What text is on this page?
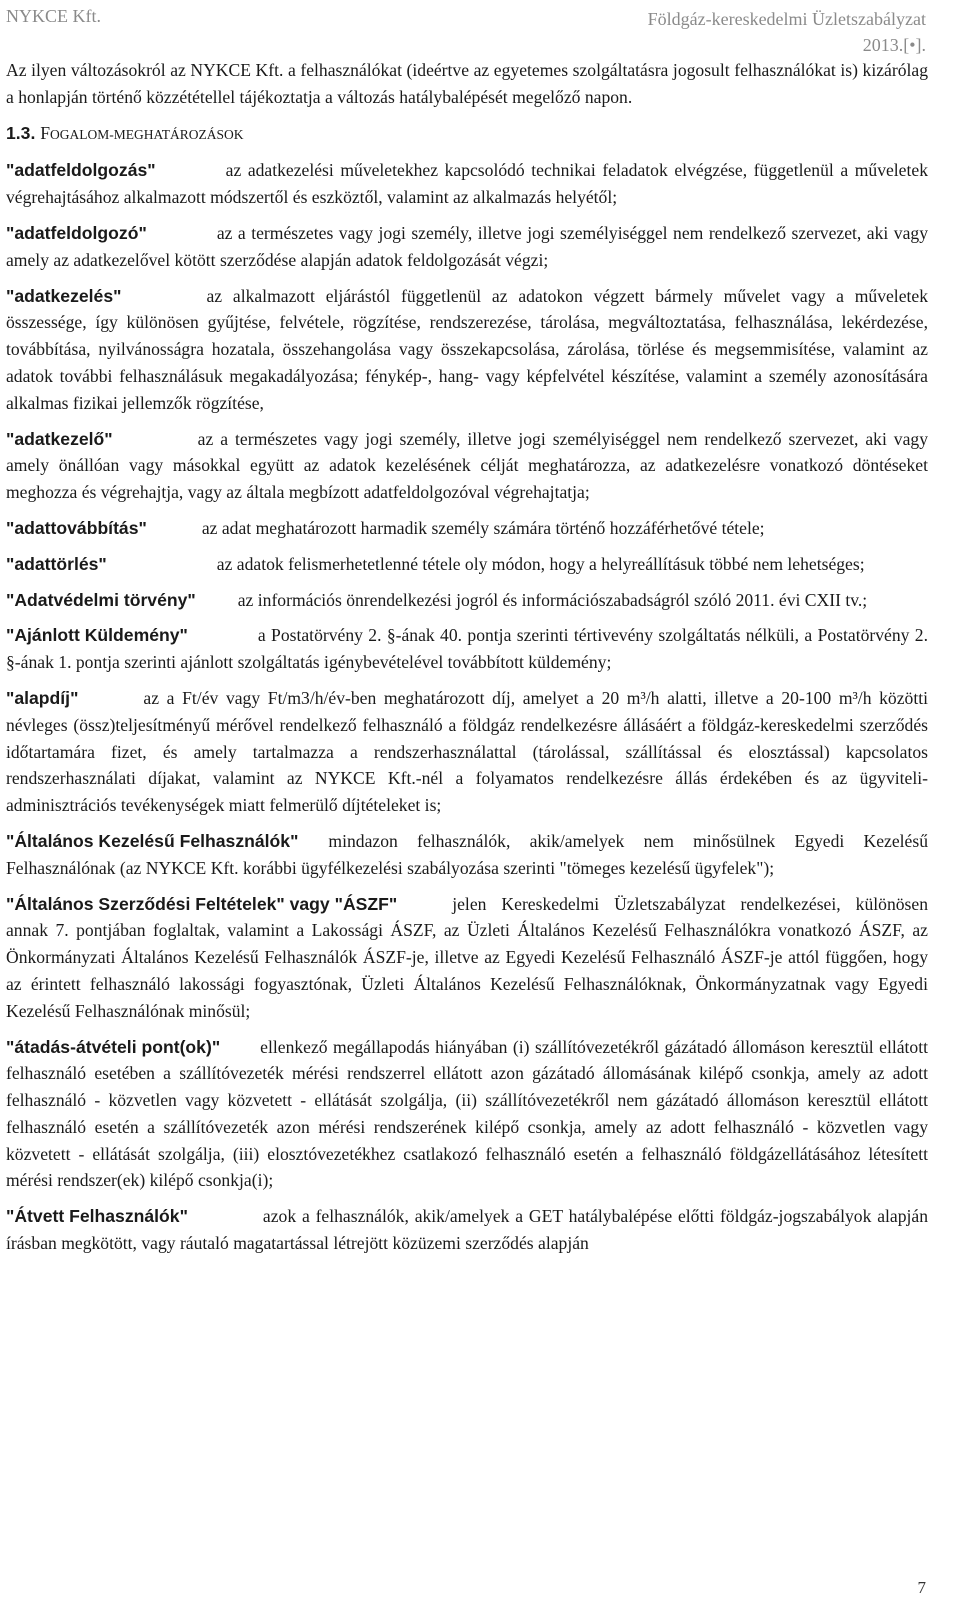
NYKCE Kft.	Földgáz-kereskedelmi Üzletszabályzat
2013.[•].

Az ilyen változásokról az NYKCE Kft. a felhasználókat (ideértve az egyetemes szolgáltatásra jogosult felhasználókat is) kizárólag a honlapján történő közzététellel tájékoztatja a változás hatálybalépését megelőző napon.

1.3. FOGALOM-MEGHATÁROZÁSOK

"adatfeldolgozás"	az adatkezelési műveletekhez kapcsolódó technikai feladatok elvégzése, függetlenül a műveletek végrehajtásához alkalmazott módszertől és eszköztől, valamint az alkalmazás helyétől;

"adatfeldolgozó"	az a természetes vagy jogi személy, illetve jogi személyiséggel nem rendelkező szervezet, aki vagy amely az adatkezelővel kötött szerződése alapján adatok feldolgozását végzi;

"adatkezelés"	az alkalmazott eljárástól függetlenül az adatokon végzett bármely művelet vagy a műveletek összessége, így különösen gyűjtése, felvétele, rögzítése, rendszerezése, tárolása, megváltoztatása, felhasználása, lekérdezése, továbbítása, nyilvánosságra hozatala, összehangolása vagy összekapcsolása, zárolása, törlése és megsemmisítése, valamint az adatok további felhasználásuk megakadályozása; fénykép-, hang- vagy képfelvétel készítése, valamint a személy azonosítására alkalmas fizikai jellemzők rögzítése,

"adatkezelő"	az a természetes vagy jogi személy, illetve jogi személyiséggel nem rendelkező szervezet, aki vagy amely önállóan vagy másokkal együtt az adatok kezelésének célját meghatározza, az adatkezelésre vonatkozó döntéseket meghozza és végrehajtja, vagy az általa megbízott adatfeldolgozóval végrehajtatja;

"adattovábbítás"	az adat meghatározott harmadik személy számára történő hozzáférhetővé tétele;

"adattörlés"	az adatok felismerhetetlenné tétele oly módon, hogy a helyreállításuk többé nem lehetséges;

"Adatvédelmi törvény" az információs önrendelkezési jogról és információszabadságról szóló 2011. évi CXII tv.;

"Ajánlott Küldemény"	a Postatörvény 2. §-ának 40. pontja szerinti tértivevény szolgáltatás nélküli, a Postatörvény 2. §-ának 1. pontja szerinti ajánlott szolgáltatás igénybevételével továbbított küldemény;

"alapdíj"	az a Ft/év vagy Ft/m3/h/év-ben meghatározott díj, amelyet a 20 m³/h alatti, illetve a 20-100 m³/h közötti névleges (össz)teljesítményű mérővel rendelkező felhasználó a földgáz rendelkezésre állásáért a földgáz-kereskedelmi szerződés időtartamára fizet, és amely tartalmazza a rendszerhasználattal (tárolással, szállítással és elosztással) kapcsolatos rendszerhasználati díjakat, valamint az NYKCE Kft.-nél a folyamatos rendelkezésre állás érdekében és az ügyviteli-adminisztrációs tevékenységek miatt felmerülő díjtételeket is;

"Általános Kezelésű Felhasználók" mindazon felhasználók, akik/amelyek nem minősülnek Egyedi Kezelésű Felhasználónak (az NYKCE Kft. korábbi ügyfélkezelési szabályozása szerinti "tömeges kezelésű ügyfelek");

"Általános Szerződési Feltételek" vagy "ÁSZF"	jelen Kereskedelmi Üzletszabályzat rendelkezései, különösen annak 7. pontjában foglaltak, valamint a Lakossági ÁSZF, az Üzleti Általános Kezelésű Felhasználókra vonatkozó ÁSZF, az Önkormányzati Általános Kezelésű Felhasználók ÁSZF-je, illetve az Egyedi Kezelésű Felhasználó ÁSZF-je attól függően, hogy az érintett felhasználó lakossági fogyasztónak, Üzleti Általános Kezelésű Felhasználóknak, Önkormányzatnak vagy Egyedi Kezelésű Felhasználónak minősül;

"átadás-átvételi pont(ok)" ellenkező megállapodás hiányában (i) szállítóvezetékről gázátadó állomáson keresztül ellátott felhasználó esetében a szállítóvezeték mérési rendszerrel ellátott azon gázátadó állomásának kilépő csonkja, amely az adott felhasználó - közvetlen vagy közvetett - ellátását szolgálja, (ii) szállítóvezetékről nem gázátadó állomáson keresztül ellátott felhasználó esetén a szállítóvezeték azon mérési rendszerének kilépő csonkja, amely az adott felhasználó - közvetlen vagy közvetett - ellátását szolgálja, (iii) elosztóvezetékhez csatlakozó felhasználó esetén a felhasználó földgázellátásához létesített mérési rendszer(ek) kilépő csonkja(i);

"Átvett Felhasználók"	azok a felhasználók, akik/amelyek a GET hatálybalépése előtti földgáz-jogszabályok alapján írásban megkötött, vagy ráutaló magatartással létrejött közüzemi szerződés alapján

7
